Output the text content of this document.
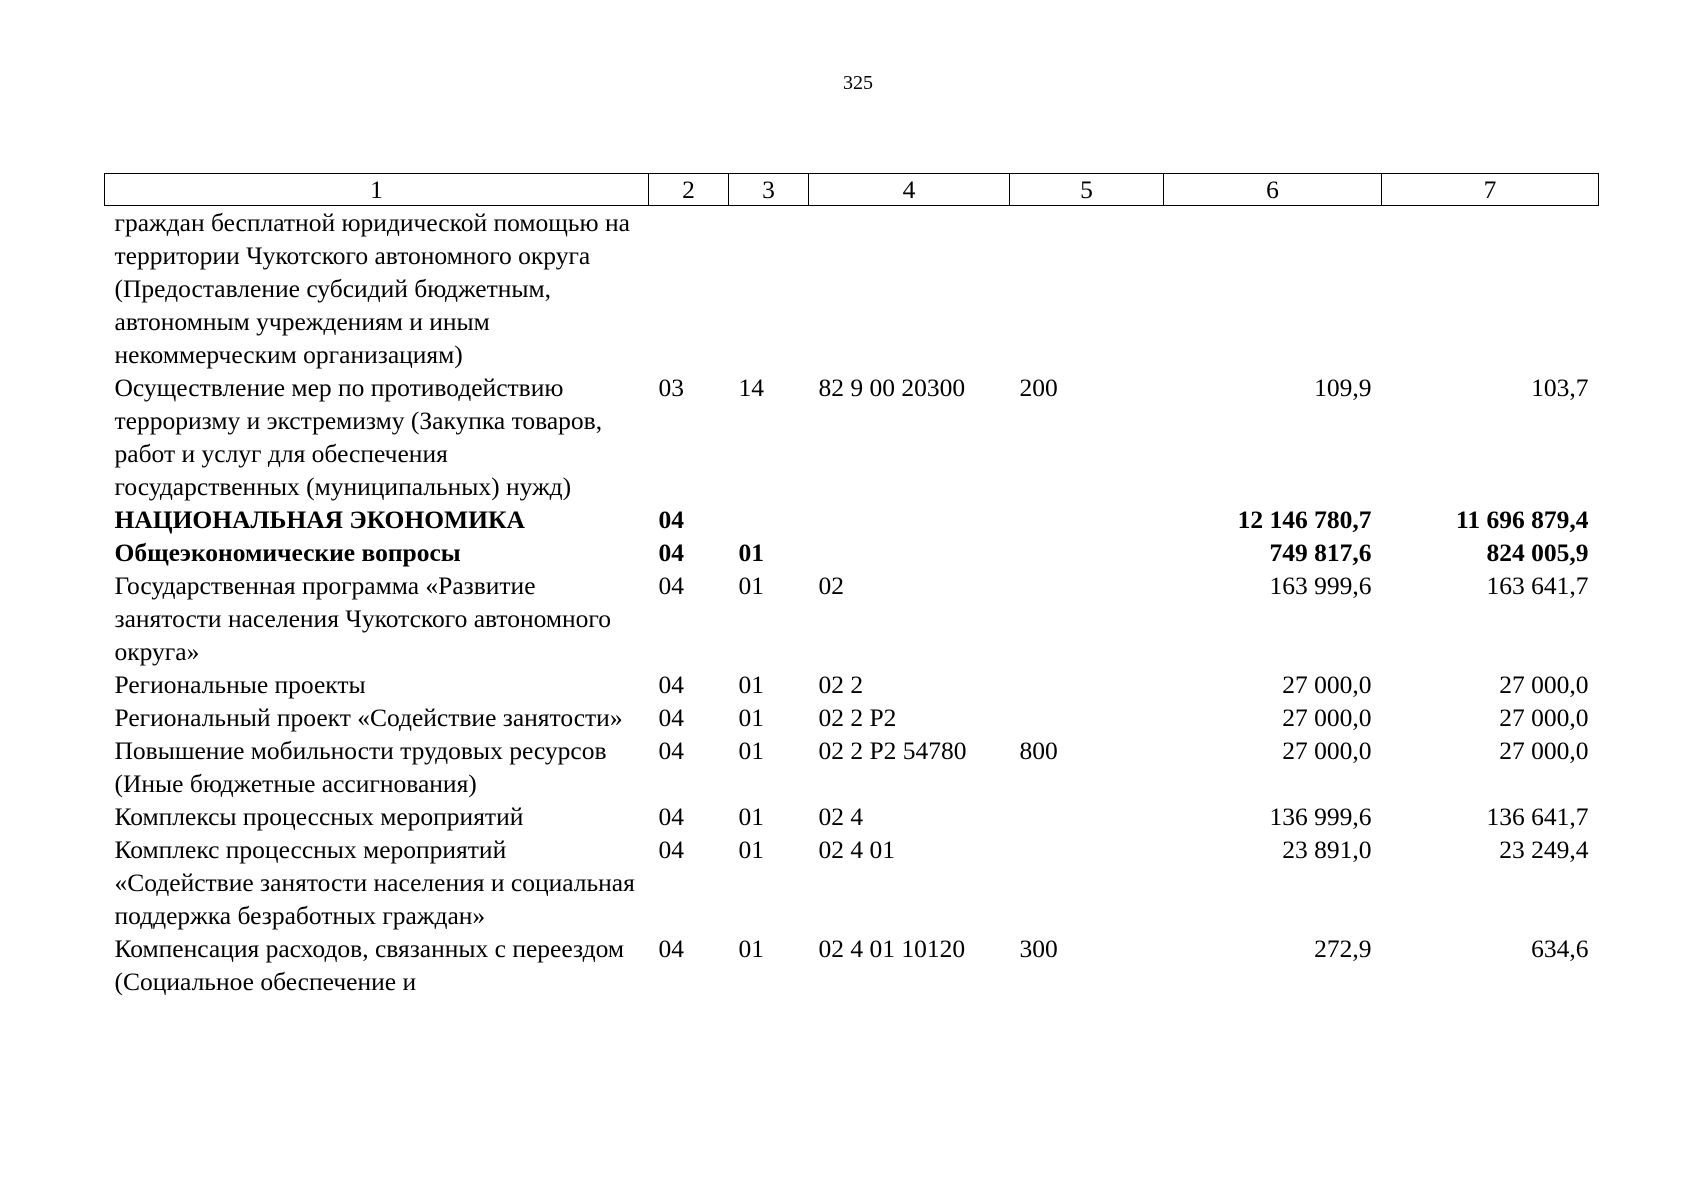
325
1	2	3	4	5	6	7
граждан бесплатной юридической помощью на территории Чукотского автономного округа (Предоставление субсидий бюджетным, автономным учреждениям и иным некоммерческим организациям)						
Осуществление мер по противодействию терроризму и экстремизму (Закупка товаров, работ и услуг для обеспечения государственных (муниципальных) нужд)	03	14	82 9 00 20300	200	109,9	103,7
НАЦИОНАЛЬНАЯ ЭКОНОМИКА	04				12 146 780,7	11 696 879,4
Общеэкономические вопросы	04	01			749 817,6	824 005,9
Государственная программа «Развитие занятости населения Чукотского автономного округа»	04	01	02		163 999,6	163 641,7
Региональные проекты	04	01	02 2		27 000,0	27 000,0
Региональный проект «Содействие занятости»	04	01	02 2 P2		27 000,0	27 000,0
Повышение мобильности трудовых ресурсов (Иные бюджетные ассигнования)	04	01	02 2 P2 54780	800	27 000,0	27 000,0
Комплексы процессных мероприятий	04	01	02 4		136 999,6	136 641,7
Комплекс процессных мероприятий «Содействие занятости населения и социальная поддержка безработных граждан»	04	01	02 4 01		23 891,0	23 249,4
Компенсация расходов, связанных с переездом (Социальное обеспечение и	04	01	02 4 01 10120	300	272,9	634,6
